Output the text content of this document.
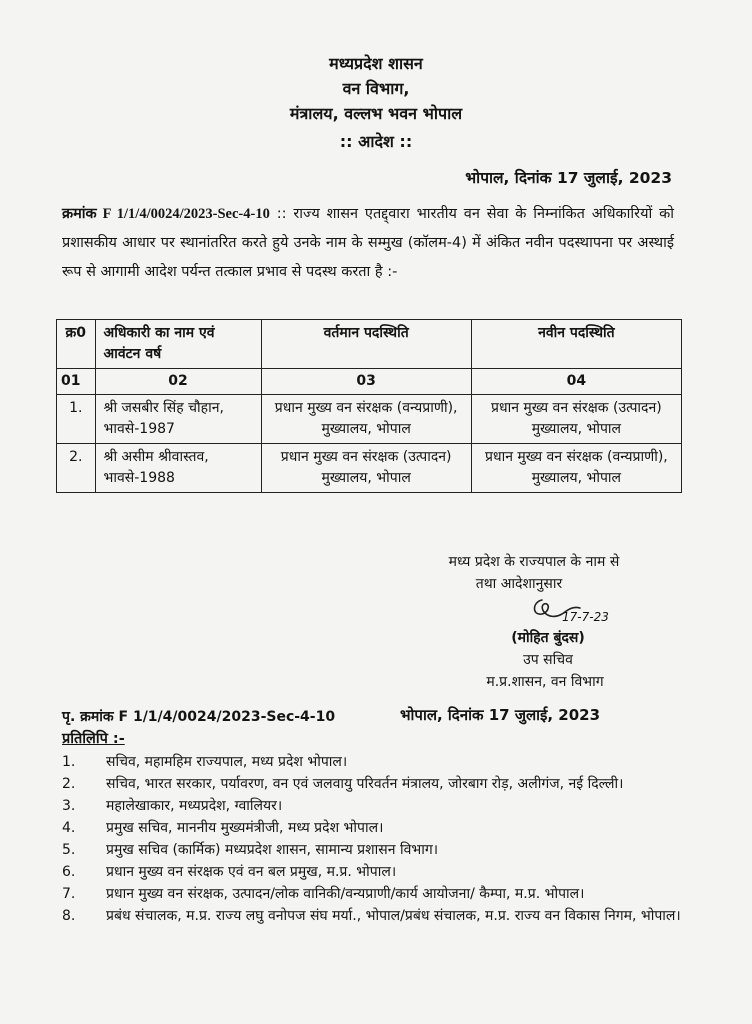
मध्यप्रदेश शासन
वन विभाग,
मंत्रालय, वल्लभ भवन भोपाल
:: आदेश ::
भोपाल, दिनांक 17 जुलाई, 2023
क्रमांक F 1/1/4/0024/2023-Sec-4-10 :: राज्य शासन एतद्द्वारा भारतीय वन सेवा के निम्नांकित अधिकारियों को प्रशासकीय आधार पर स्थानांतरित करते हुये उनके नाम के सम्मुख (कॉलम-4) में अंकित नवीन पदस्थापना पर अस्थाई रूप से आगामी आदेश पर्यन्त तत्काल प्रभाव से पदस्थ करता है :-
क्र0	अधिकारी का नाम एवं आवंटन वर्ष	वर्तमान पदस्थिति	नवीन पदस्थिति
01	02	03	04
1.	श्री जसबीर सिंह चौहान, भावसे-1987	प्रधान मुख्य वन संरक्षक (वन्यप्राणी), मुख्यालय, भोपाल	प्रधान मुख्य वन संरक्षक (उत्पादन) मुख्यालय, भोपाल
2.	श्री असीम श्रीवास्तव, भावसे-1988	प्रधान मुख्य वन संरक्षक (उत्पादन) मुख्यालय, भोपाल	प्रधान मुख्य वन संरक्षक (वन्यप्राणी), मुख्यालय, भोपाल
मध्य प्रदेश के राज्यपाल के नाम से
तथा आदेशानुसार
17-7-23
(मोहित बुंदस)
उप सचिव
म.प्र.शासन, वन विभाग
पृ. क्रमांक F 1/1/4/0024/2023-Sec-4-10	भोपाल, दिनांक 17 जुलाई, 2023
प्रतिलिपि :-
1.	सचिव, महामहिम राज्यपाल, मध्य प्रदेश भोपाल।
2.	सचिव, भारत सरकार, पर्यावरण, वन एवं जलवायु परिवर्तन मंत्रालय, जोरबाग रोड़, अलीगंज, नई दिल्ली।
3.	महालेखाकार, मध्यप्रदेश, ग्वालियर।
4.	प्रमुख सचिव, माननीय मुख्यमंत्रीजी, मध्य प्रदेश भोपाल।
5.	प्रमुख सचिव (कार्मिक) मध्यप्रदेश शासन, सामान्य प्रशासन विभाग।
6.	प्रधान मुख्य वन संरक्षक एवं वन बल प्रमुख, म.प्र. भोपाल।
7.	प्रधान मुख्य वन संरक्षक, उत्पादन/लोक वानिकी/वन्यप्राणी/कार्य आयोजना/ कैम्पा, म.प्र. भोपाल।
8.	प्रबंध संचालक, म.प्र. राज्य लघु वनोपज संघ मर्या., भोपाल/प्रबंध संचालक, म.प्र. राज्य वन विकास निगम, भोपाल।
